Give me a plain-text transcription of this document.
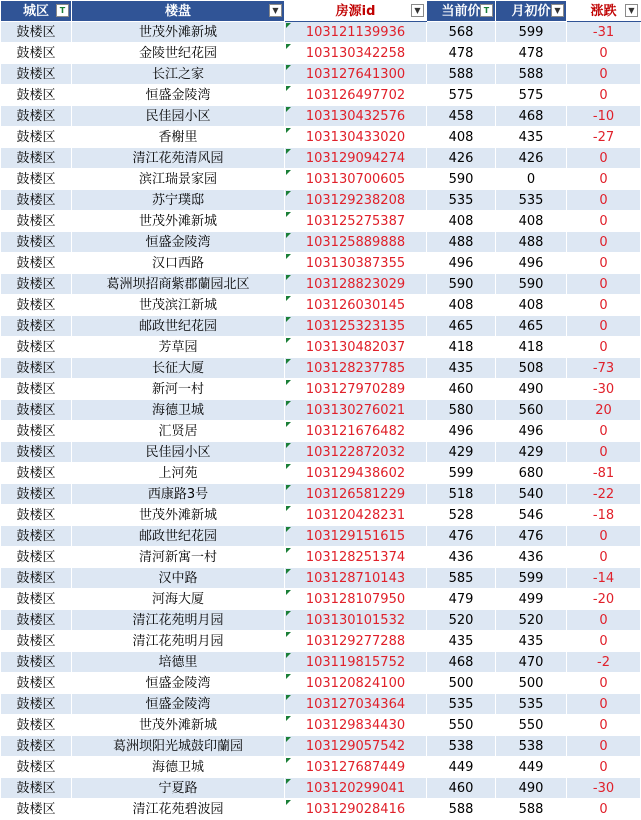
城区 T	楼盘 ▼	房源id ▼	当前价 T	月初价 ▼	涨跌 ▼

鼓楼区	世茂外滩新城	103121139936	568	599	-31
鼓楼区	金陵世纪花园	103130342258	478	478	0
鼓楼区	长江之家	103127641300	588	588	0
鼓楼区	恒盛金陵湾	103126497702	575	575	0
鼓楼区	民佳园小区	103130432576	458	468	-10
鼓楼区	香榭里	103130433020	408	435	-27
鼓楼区	清江花苑清风园	103129094274	426	426	0
鼓楼区	滨江瑞景家园	103130700605	590	0	0
鼓楼区	苏宁璞邸	103129238208	535	535	0
鼓楼区	世茂外滩新城	103125275387	408	408	0
鼓楼区	恒盛金陵湾	103125889888	488	488	0
鼓楼区	汉口西路	103130387355	496	496	0
鼓楼区	葛洲坝招商紫郡蘭园北区	103128823029	590	590	0
鼓楼区	世茂滨江新城	103126030145	408	408	0
鼓楼区	邮政世纪花园	103125323135	465	465	0
鼓楼区	芳草园	103130482037	418	418	0
鼓楼区	长征大厦	103128237785	435	508	-73
鼓楼区	新河一村	103127970289	460	490	-30
鼓楼区	海德卫城	103130276021	580	560	20
鼓楼区	汇贤居	103121676482	496	496	0
鼓楼区	民佳园小区	103122872032	429	429	0
鼓楼区	上河苑	103129438602	599	680	-81
鼓楼区	西康路3号	103126581229	518	540	-22
鼓楼区	世茂外滩新城	103120428231	528	546	-18
鼓楼区	邮政世纪花园	103129151615	476	476	0
鼓楼区	清河新寓一村	103128251374	436	436	0
鼓楼区	汉中路	103128710143	585	599	-14
鼓楼区	河海大厦	103128107950	479	499	-20
鼓楼区	清江花苑明月园	103130101532	520	520	0
鼓楼区	清江花苑明月园	103129277288	435	435	0
鼓楼区	培德里	103119815752	468	470	-2
鼓楼区	恒盛金陵湾	103120824100	500	500	0
鼓楼区	恒盛金陵湾	103127034364	535	535	0
鼓楼区	世茂外滩新城	103129834430	550	550	0
鼓楼区	葛洲坝阳光城鼓印蘭园	103129057542	538	538	0
鼓楼区	海德卫城	103127687449	449	449	0
鼓楼区	宁夏路	103120299041	460	490	-30
鼓楼区	清江花苑碧波园	103129028416	588	588	0
